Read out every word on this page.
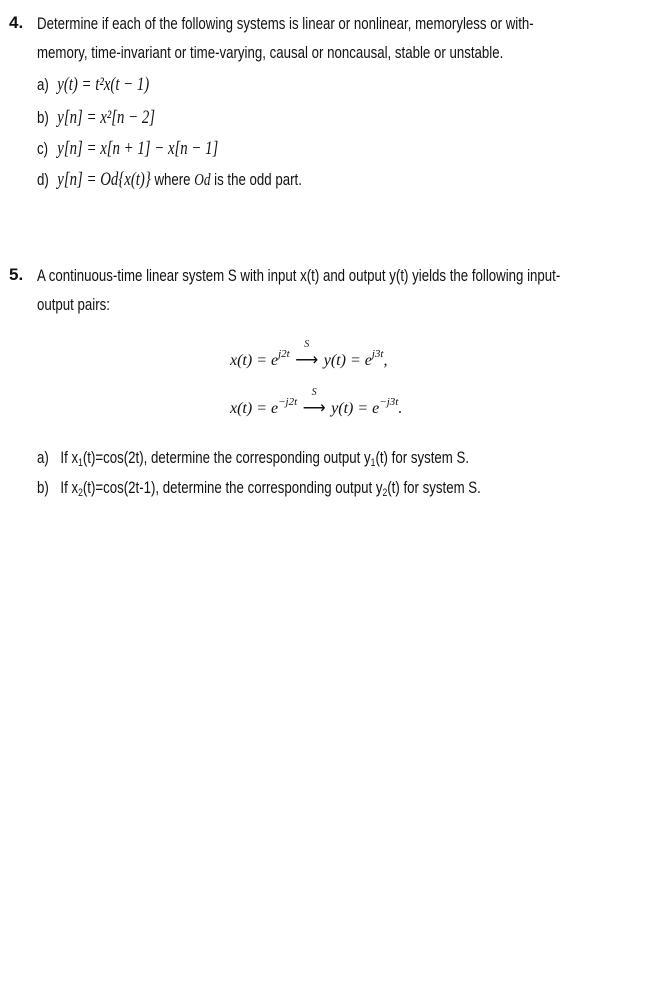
4. Determine if each of the following systems is linear or nonlinear, memoryless or with-
memory, time-invariant or time-varying, causal or noncausal, stable or unstable.
a) y(t) = t²x(t − 1)
b) y[n] = x²[n − 2]
c) y[n] = x[n + 1] − x[n − 1]
d) y[n] = Od{x(t)} where Od is the odd part.
5. A continuous-time linear system S with input x(t) and output y(t) yields the following input-
output pairs:
$x(t) = e^{j2t}$
S
⟶ $y(t) = e^{j3t}$,
$x(t) = e^{-j2t}$
S
⟶ $y(t) = e^{-j3t}$.
a) If $x_1(t)=\cos(2t)$, determine the corresponding output $y_1(t)$ for system S.
b) If $x_2(t)=\cos(2t-1)$, determine the corresponding output $y_2(t)$ for system S.
